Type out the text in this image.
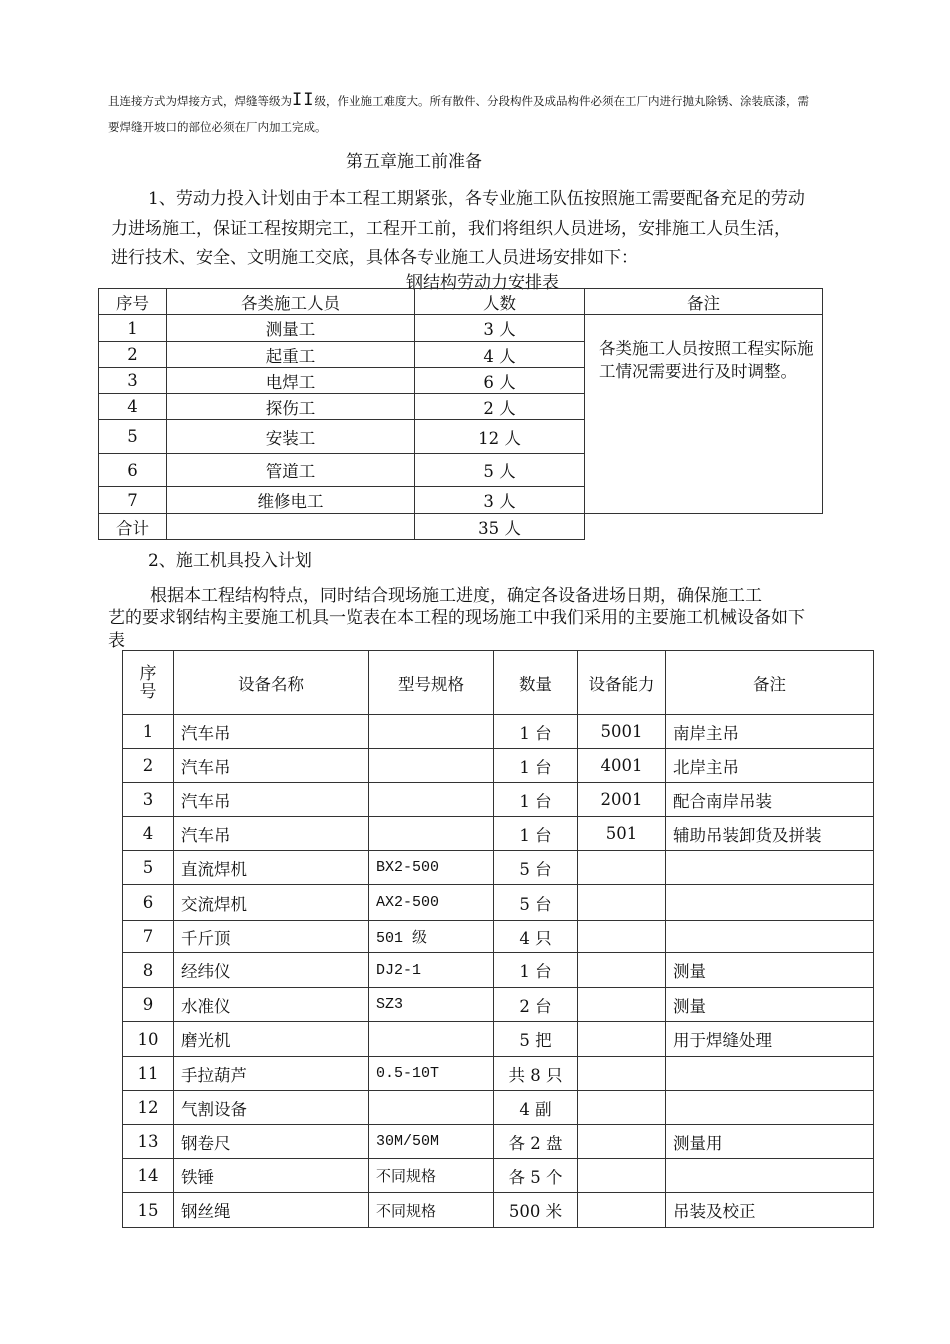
且连接方式为焊接方式，焊缝等级为II级，作业施工难度大。所有散件、分段构件及成品构件必须在工厂内进行抛丸除锈、涂装底漆，需
要焊缝开坡口的部位必须在厂内加工完成。
第五章施工前准备
1、劳动力投入计划由于本工程工期紧张，各专业施工队伍按照施工需要配备充足的劳动
力进场施工，保证工程按期完工，工程开工前，我们将组织人员进场，安排施工人员生活，
进行技术、安全、文明施工交底，具体各专业施工人员进场安排如下：
钢结构劳动力安排表
序号	各类施工人员	人数	备注
1	测量工	3 人	各类施工人员按照工程实际施工情况需要进行及时调整。
2	起重工	4 人	
3	电焊工	6 人	
4	探伤工	2 人	
5	安装工	12 人	
6	管道工	5 人	
7	维修电工	3 人	
合计		35 人	
2、施工机具投入计划
根据本工程结构特点，同时结合现场施工进度，确定各设备进场日期，确保施工工
艺的要求钢结构主要施工机具一览表在本工程的现场施工中我们采用的主要施工机械设备如下
表
序号	设备名称	型号规格	数量	设备能力	备注
1	汽车吊		1 台	5001	南岸主吊
2	汽车吊		1 台	4001	北岸主吊
3	汽车吊		1 台	2001	配合南岸吊装
4	汽车吊		1 台	501	辅助吊装卸货及拼装
5	直流焊机	BX2-500	5 台		
6	交流焊机	AX2-500	5 台		
7	千斤顶	501 级	4 只		
8	经纬仪	DJ2-1	1 台		测量
9	水准仪	SZ3	2 台		测量
10	磨光机		5 把		用于焊缝处理
11	手拉葫芦	0.5-10T	共 8 只		
12	气割设备		4 副		
13	钢卷尺	30M/50M	各 2 盘		测量用
14	铁锤	不同规格	各 5 个		
15	钢丝绳	不同规格	500 米		吊装及校正
